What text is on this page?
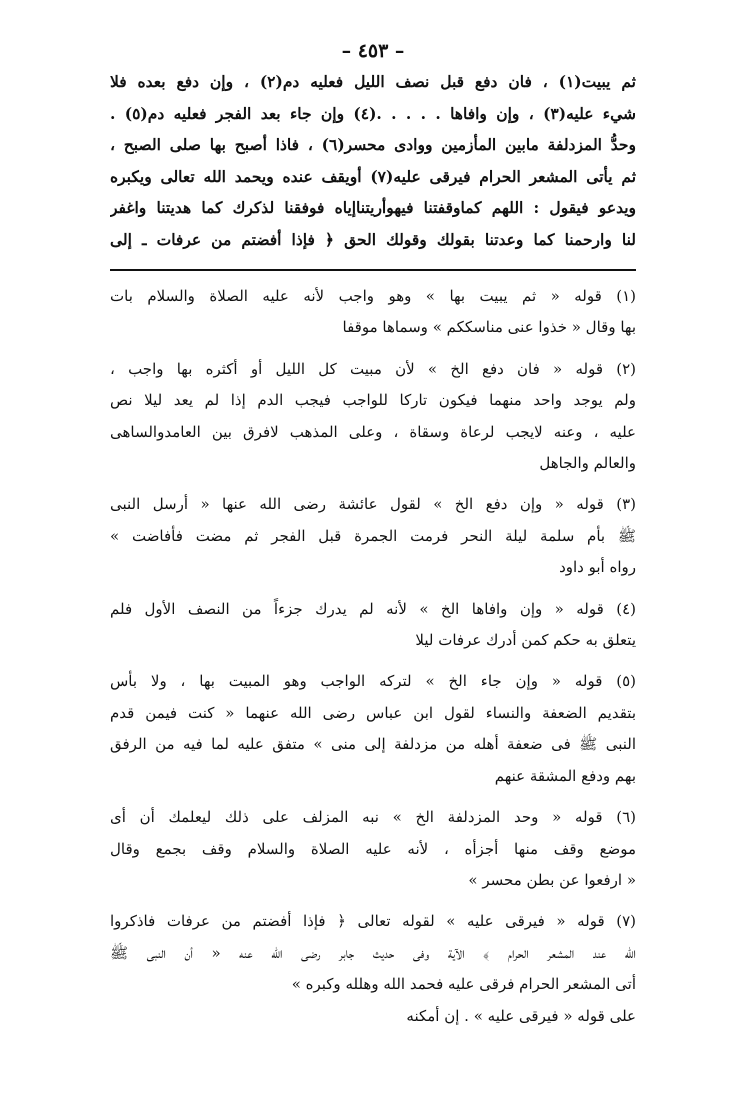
– ٤٥٣ –

ثم يبيت(١) ، فان دفع قبل نصف الليل فعليه دم(٢) ، وإن دفع بعده فلا

شيء عليه(٣) ، وإن وافاها . . . . .(٤) وإن جاء بعد الفجر فعليه دم(٥) .

وحدُّ المزدلفة مابين المأزمين ووادى محسر(٦) ، فاذا أصبح بها صلى الصبح ،

ثم يأتى المشعر الحرام فيرقى عليه(٧) أويقف عنده ويحمد الله تعالى ويكبره

ويدعو فيقول : اللهم كماوقفتنا فيهوأريتناإياه فوفقنا لذكرك كما هديتنا واغفر

لنا وارحمنا كما وعدتنا بقولك وقولك الحق ﴿ فإذا أفضتم من عرفات ـ إلى

(١) قوله « ثم يبيت بها » وهو واجب لأنه عليه الصلاة والسلام بات

بها وقال « خذوا عنى مناسككم » وسماها موقفا

(٢) قوله « فان دفع الخ » لأن مبيت كل الليل أو أكثره بها واجب ،

ولم يوجد واحد منهما فيكون تاركا للواجب فيجب الدم إذا لم يعد ليلا نص

عليه ، وعنه لايجب لرعاة وسقاة ، وعلى المذهب لافرق بين العامدوالساهى

والعالم والجاهل

(٣) قوله « وإن دفع الخ » لقول عائشة رضى الله عنها « أرسل النبى

ﷺ بأم سلمة ليلة النحر فرمت الجمرة قبل الفجر ثم مضت فأفاضت »

رواه أبو داود

(٤) قوله « وإن وافاها الخ » لأنه لم يدرك جزءاً من النصف الأول فلم

يتعلق به حكم كمن أدرك عرفات ليلا

(٥) قوله « وإن جاء الخ » لتركه الواجب وهو المبيت بها ، ولا بأس

بتقديم الضعفة والنساء لقول ابن عباس رضى الله عنهما « كنت فيمن قدم

النبى ﷺ فى ضعفة أهله من مزدلفة إلى منى » متفق عليه لما فيه من الرفق

بهم ودفع المشقة عنهم

(٦) قوله « وحد المزدلفة الخ » نبه المزلف على ذلك ليعلمك أن أى

موضع وقف منها أجزأه ، لأنه عليه الصلاة والسلام وقف بجمع وقال

« ارفعوا عن بطن محسر »

(٧) قوله « فيرقى عليه » لقوله تعالى ﴿ فإذا أفضتم من عرفات فاذكروا

الله عند المشعر الحرام ﴾ الآية وفى حديث جابر رضى الله عنه « أن النبى ﷺ

أتى المشعر الحرام فرقى عليه فحمد الله وهلله وكبره »

على قوله « فيرقى عليه » . إن أمكنه
